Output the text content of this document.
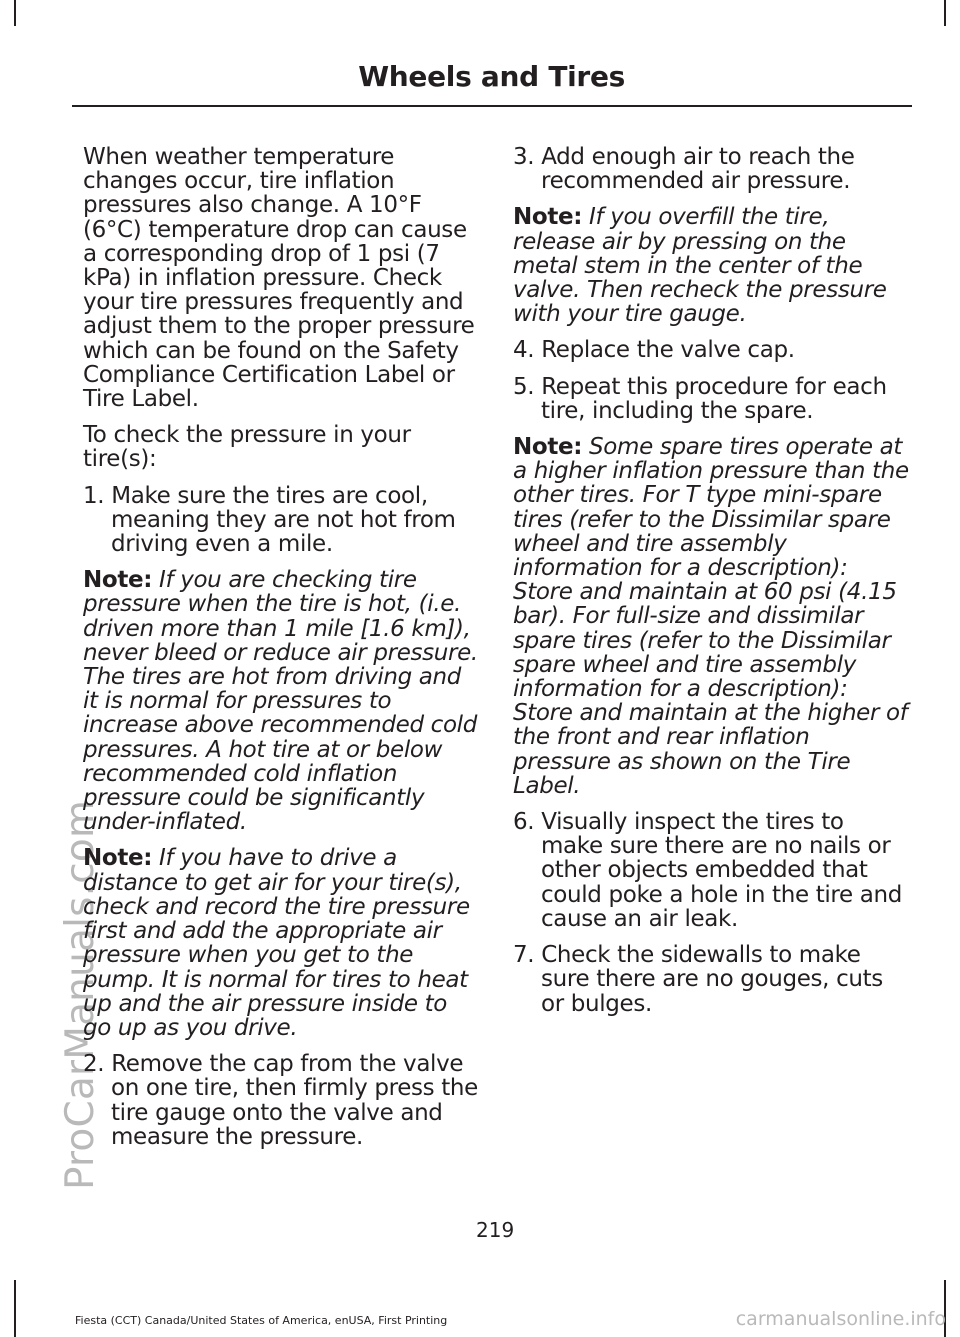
ProCarManuals.com
Wheels and Tires

When weather temperature changes occur, tire inflation pressures also change. A 10°F (6°C) temperature drop can cause a corresponding drop of 1 psi (7 kPa) in inflation pressure. Check your tire pressures frequently and adjust them to the proper pressure which can be found on the Safety Compliance Certification Label or Tire Label.

To check the pressure in your tire(s):

1. Make sure the tires are cool, meaning they are not hot from driving even a mile.

Note: If you are checking tire pressure when the tire is hot, (i.e. driven more than 1 mile [1.6 km]), never bleed or reduce air pressure. The tires are hot from driving and it is normal for pressures to increase above recommended cold pressures. A hot tire at or below recommended cold inflation pressure could be significantly under-inflated.

Note: If you have to drive a distance to get air for your tire(s), check and record the tire pressure first and add the appropriate air pressure when you get to the pump. It is normal for tires to heat up and the air pressure inside to go up as you drive.

2. Remove the cap from the valve on one tire, then firmly press the tire gauge onto the valve and measure the pressure.

3. Add enough air to reach the recommended air pressure.

Note: If you overfill the tire, release air by pressing on the metal stem in the center of the valve. Then recheck the pressure with your tire gauge.

4. Replace the valve cap.

5. Repeat this procedure for each tire, including the spare.

Note: Some spare tires operate at a higher inflation pressure than the other tires. For T type mini-spare tires (refer to the Dissimilar spare wheel and tire assembly information for a description): Store and maintain at 60 psi (4.15 bar). For full-size and dissimilar spare tires (refer to the Dissimilar spare wheel and tire assembly information for a description): Store and maintain at the higher of the front and rear inflation pressure as shown on the Tire Label.

6. Visually inspect the tires to make sure there are no nails or other objects embedded that could poke a hole in the tire and cause an air leak.

7. Check the sidewalls to make sure there are no gouges, cuts or bulges.

219
Fiesta (CCT) Canada/United States of America, enUSA, First Printing	carmanualsonline.info
